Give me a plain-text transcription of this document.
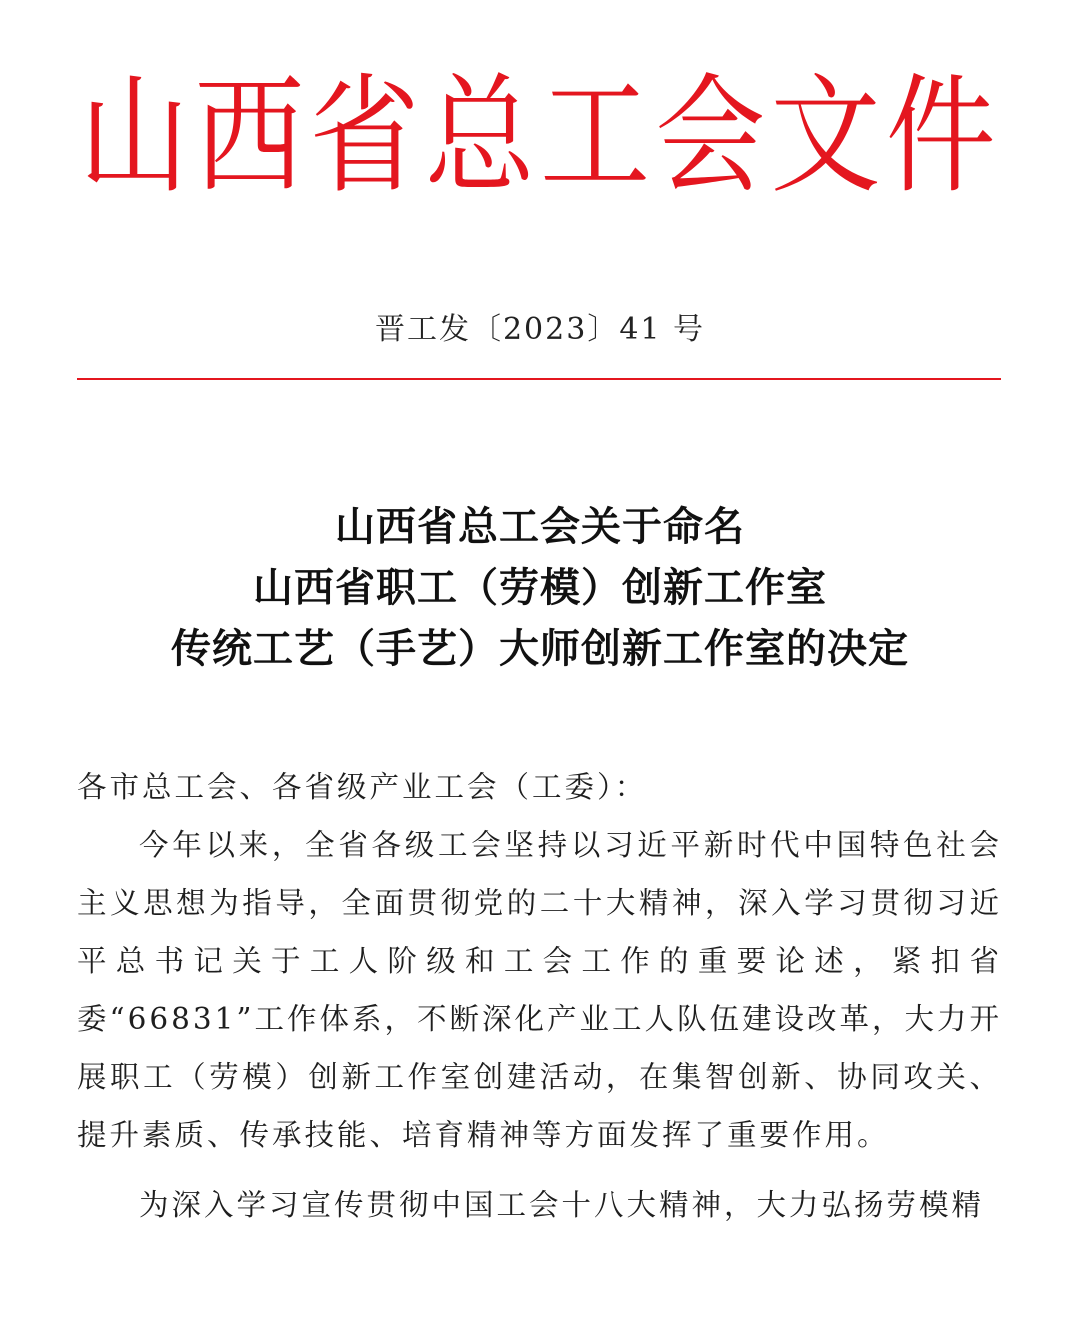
山西省总工会文件
晋工发〔2023〕41 号
山西省总工会关于命名
山西省职工（劳模）创新工作室
传统工艺（手艺）大师创新工作室的决定

各市总工会、各省级产业工会（工委）：

今年以来，全省各级工会坚持以习近平新时代中国特色社会主义思想为指导，全面贯彻党的二十大精神，深入学习贯彻习近平总书记关于工人阶级和工会工作的重要论述，紧扣省委“66831”工作体系，不断深化产业工人队伍建设改革，大力开展职工（劳模）创新工作室创建活动，在集智创新、协同攻关、提升素质、传承技能、培育精神等方面发挥了重要作用。

为深入学习宣传贯彻中国工会十八大精神，大力弘扬劳模精
